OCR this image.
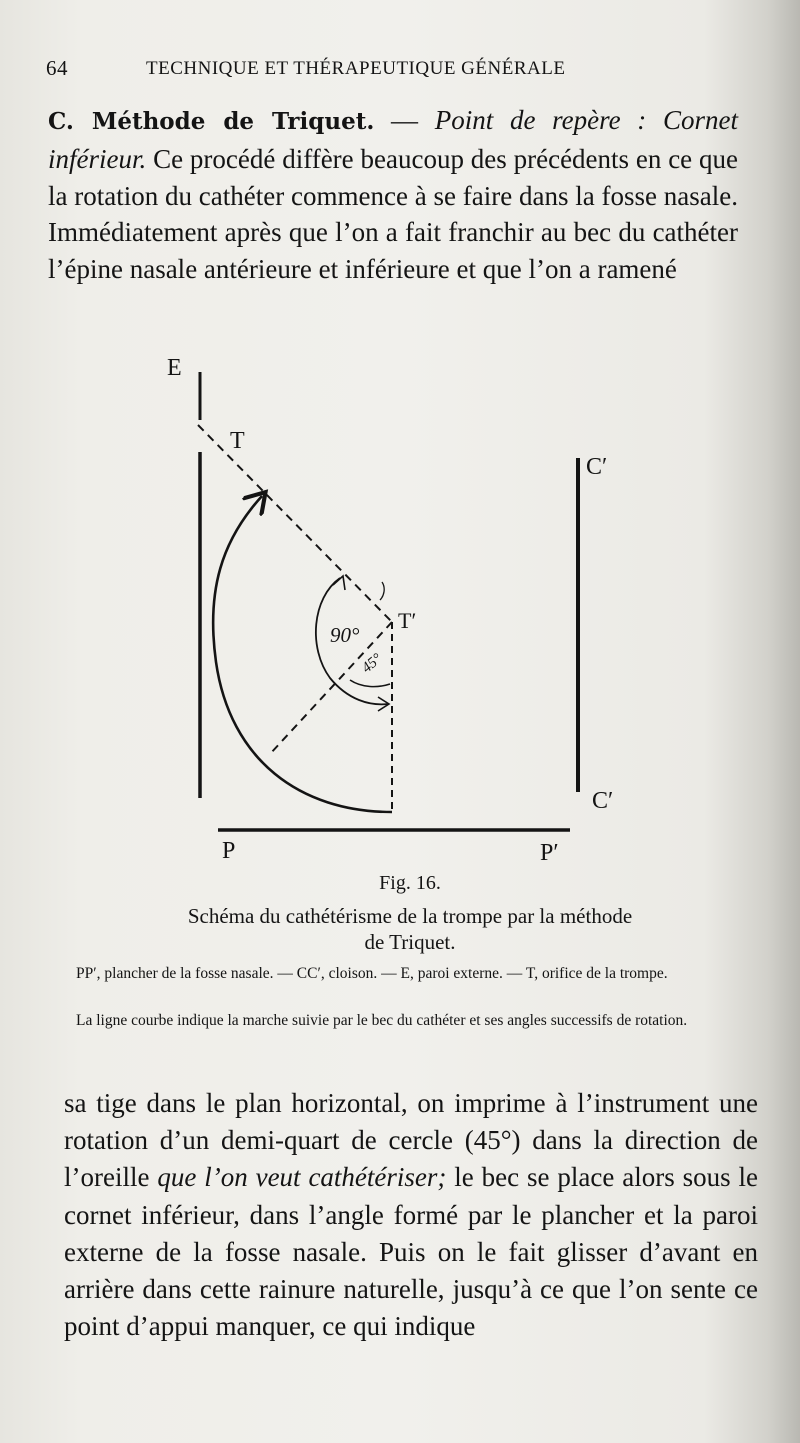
64	TECHNIQUE ET THÉRAPEUTIQUE GÉNÉRALE
C. Méthode de Triquet. — Point de repère : Cornet inférieur. Ce procédé diffère beaucoup des précédents en ce que la rotation du cathéter commence à se faire dans la fosse nasale. Immédiatement après que l’on a fait franchir au bec du cathéter l’épine nasale antérieure et inférieure et que l’on a ramené
E
T
T′
C′
C′
P	P′
90°
45°
Fig. 16.
Schéma du cathétérisme de la trompe par la méthode
de Triquet.
PP′, plancher de la fosse nasale. — CC′, cloison. — E, paroi externe. — T, orifice de la trompe.
La ligne courbe indique la marche suivie par le bec du cathéter et ses angles successifs de rotation.
sa tige dans le plan horizontal, on imprime à l’instrument une rotation d’un demi-quart de cercle (45°) dans la direction de l’oreille que l’on veut cathétériser; le bec se place alors sous le cornet inférieur, dans l’angle formé par le plancher et la paroi externe de la fosse nasale. Puis on le fait glisser d’avant en arrière dans cette rainure naturelle, jusqu’à ce que l’on sente ce point d’appui manquer, ce qui indique
